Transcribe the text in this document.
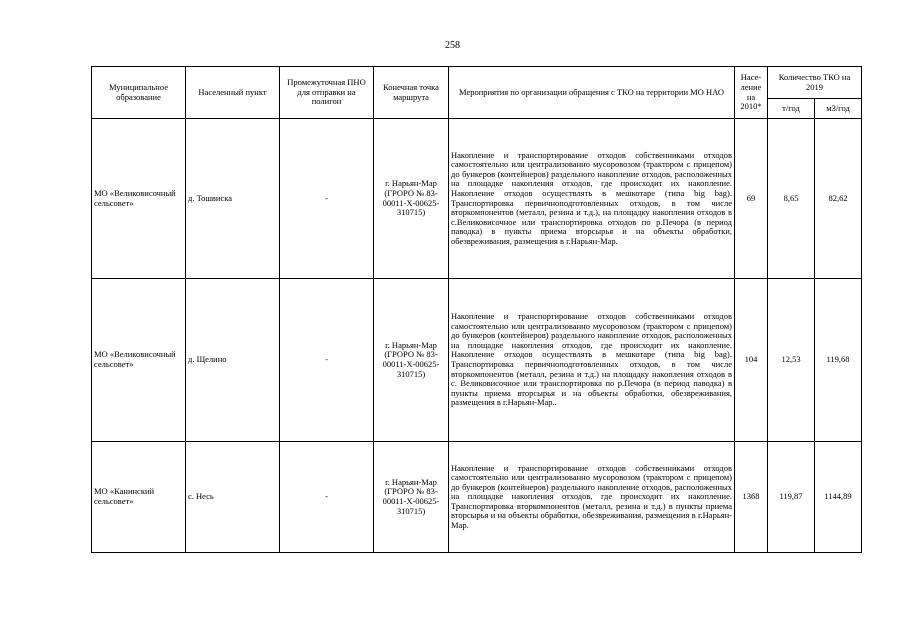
258
Муниципальное образование	Населенный пункт	Промежуточная ПНО для отправки на полигон	Конечная точка маршрута	Мероприятия по организации обращения с ТКО на территории МО НАО	Насе-ление на 2010*	Количество ТКО на 2019	
						т/год	м3/год
МО «Великовисочный сельсовет»	д. Тошвиска	-	г. Нарьян-Мар (ГРОРО № 83-00011-Х-00625-310715)	Накопление и транспортирование отходов собственниками отходов самостоятельно или централизованно мусоровозом (трактором с прицепом) до бункеров (контейнеров) раздельного накопление отходов, расположенных на площадке накопления отходов, где происходит их накопление. Накопление отходов осуществлять в мешкотаре (типа big bag). Транспортировка первичноподготовленных отходов, в том числе вторкомпонентов (металл, резина и т.д.), на площадку накопления отходов в с.Великовисочное или транспортировка отходов по р.Печора (в период паводка) в пункты приема вторсырья и на объекты обработки, обезвреживания, размещения в г.Нарьян-Мар.	69	8,65	82,62
МО «Великовисочный сельсовет»	д. Щелино	-	г. Нарьян-Мар (ГРОРО № 83-00011-Х-00625-310715)	Накопление и транспортирование отходов собственниками отходов самостоятельно или централизованно мусоровозом (трактором с прицепом) до бункеров (контейнеров) раздельного накопление отходов, расположенных на площадке накопления отходов, где происходит их накопление. Накопление отходов осуществлять в мешкотаре (типа big bag). Транспортировка первичноподготовленных отходов, в том числе вторкомпонентов (металл, резина и т.д.) на площадку накопления отходов в с. Великовисочное или транспортировка по р.Печора (в период паводка) в пункты приема вторсырья и на объекты обработки, обезвреживания, размещения в г.Нарьян-Мар..	104	12,53	119,68
МО «Канинский сельсовет»	с. Несь	-	г. Нарьян-Мар (ГРОРО № 83-00011-Х-00625-310715)	Накопление и транспортирование отходов собственниками отходов самостоятельно или централизованно мусоровозом (трактором с прицепом) до бункеров (контейнеров) раздельного накопление отходов, расположенных на площадке накопления отходов, где происходит их накопление. Транспортировка вторкомпонентов (металл, резина и т.д.) в пункты приема вторсырья и на объекты обработки, обезвреживания, размещения в г.Нарьян-Мар.	1368	119,87	1144,89
